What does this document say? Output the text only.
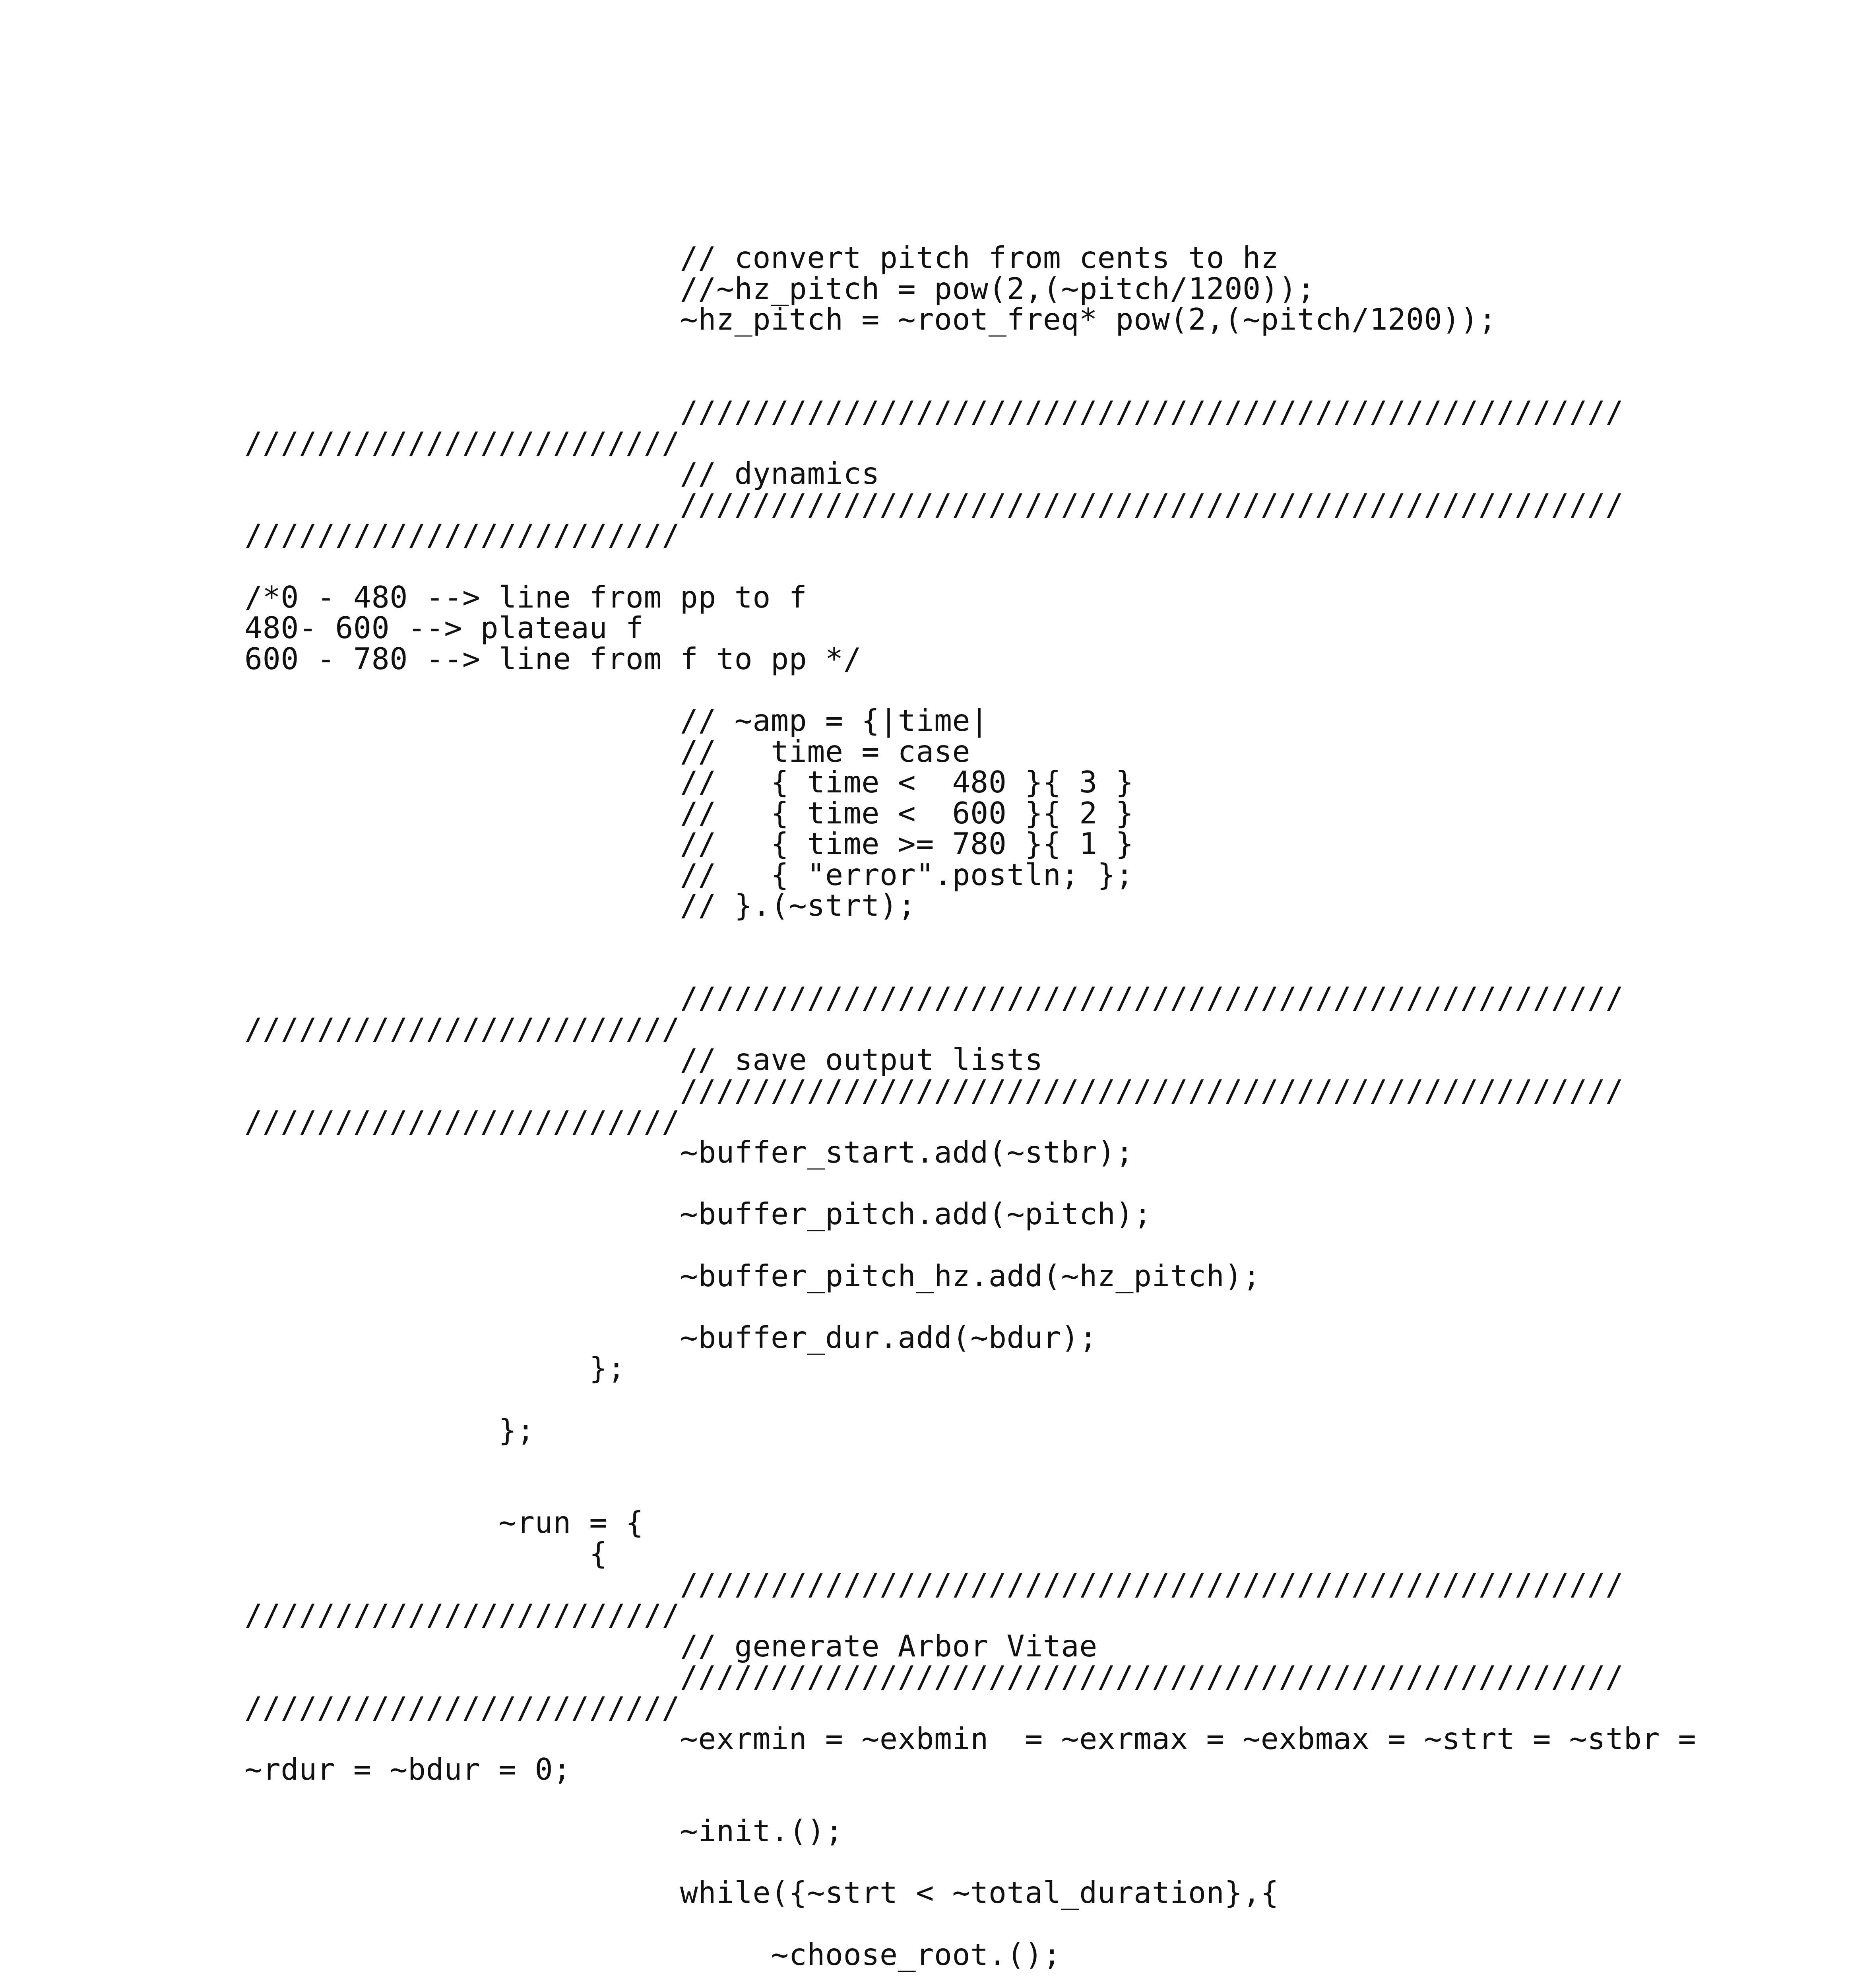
// convert pitch from cents to hz
//~hz_pitch = pow(2,(~pitch/1200));
~hz_pitch = ~root_freq* pow(2,(~pitch/1200));
////////////////////////////////////////////////////
////////////////////////
// dynamics
////////////////////////////////////////////////////
////////////////////////
/*0 - 480 --> line from pp to f
480- 600 --> plateau f
600 - 780 --> line from f to pp */
// ~amp = {|time|
//   time = case
//   { time <  480 }{ 3 }
//   { time <  600 }{ 2 }
//   { time >= 780 }{ 1 }
//   { "error".postln; };
// }.(~strt);
////////////////////////////////////////////////////
////////////////////////
// save output lists
////////////////////////////////////////////////////
////////////////////////
~buffer_start.add(~stbr);
~buffer_pitch.add(~pitch);
~buffer_pitch_hz.add(~hz_pitch);
~buffer_dur.add(~bdur);
};
};
~run = {
{
////////////////////////////////////////////////////
////////////////////////
// generate Arbor Vitae
////////////////////////////////////////////////////
////////////////////////
~exrmin = ~exbmin  = ~exrmax = ~exbmax = ~strt = ~stbr =
~rdur = ~bdur = 0;
~init.();
while({~strt < ~total_duration},{
~choose_root.();
